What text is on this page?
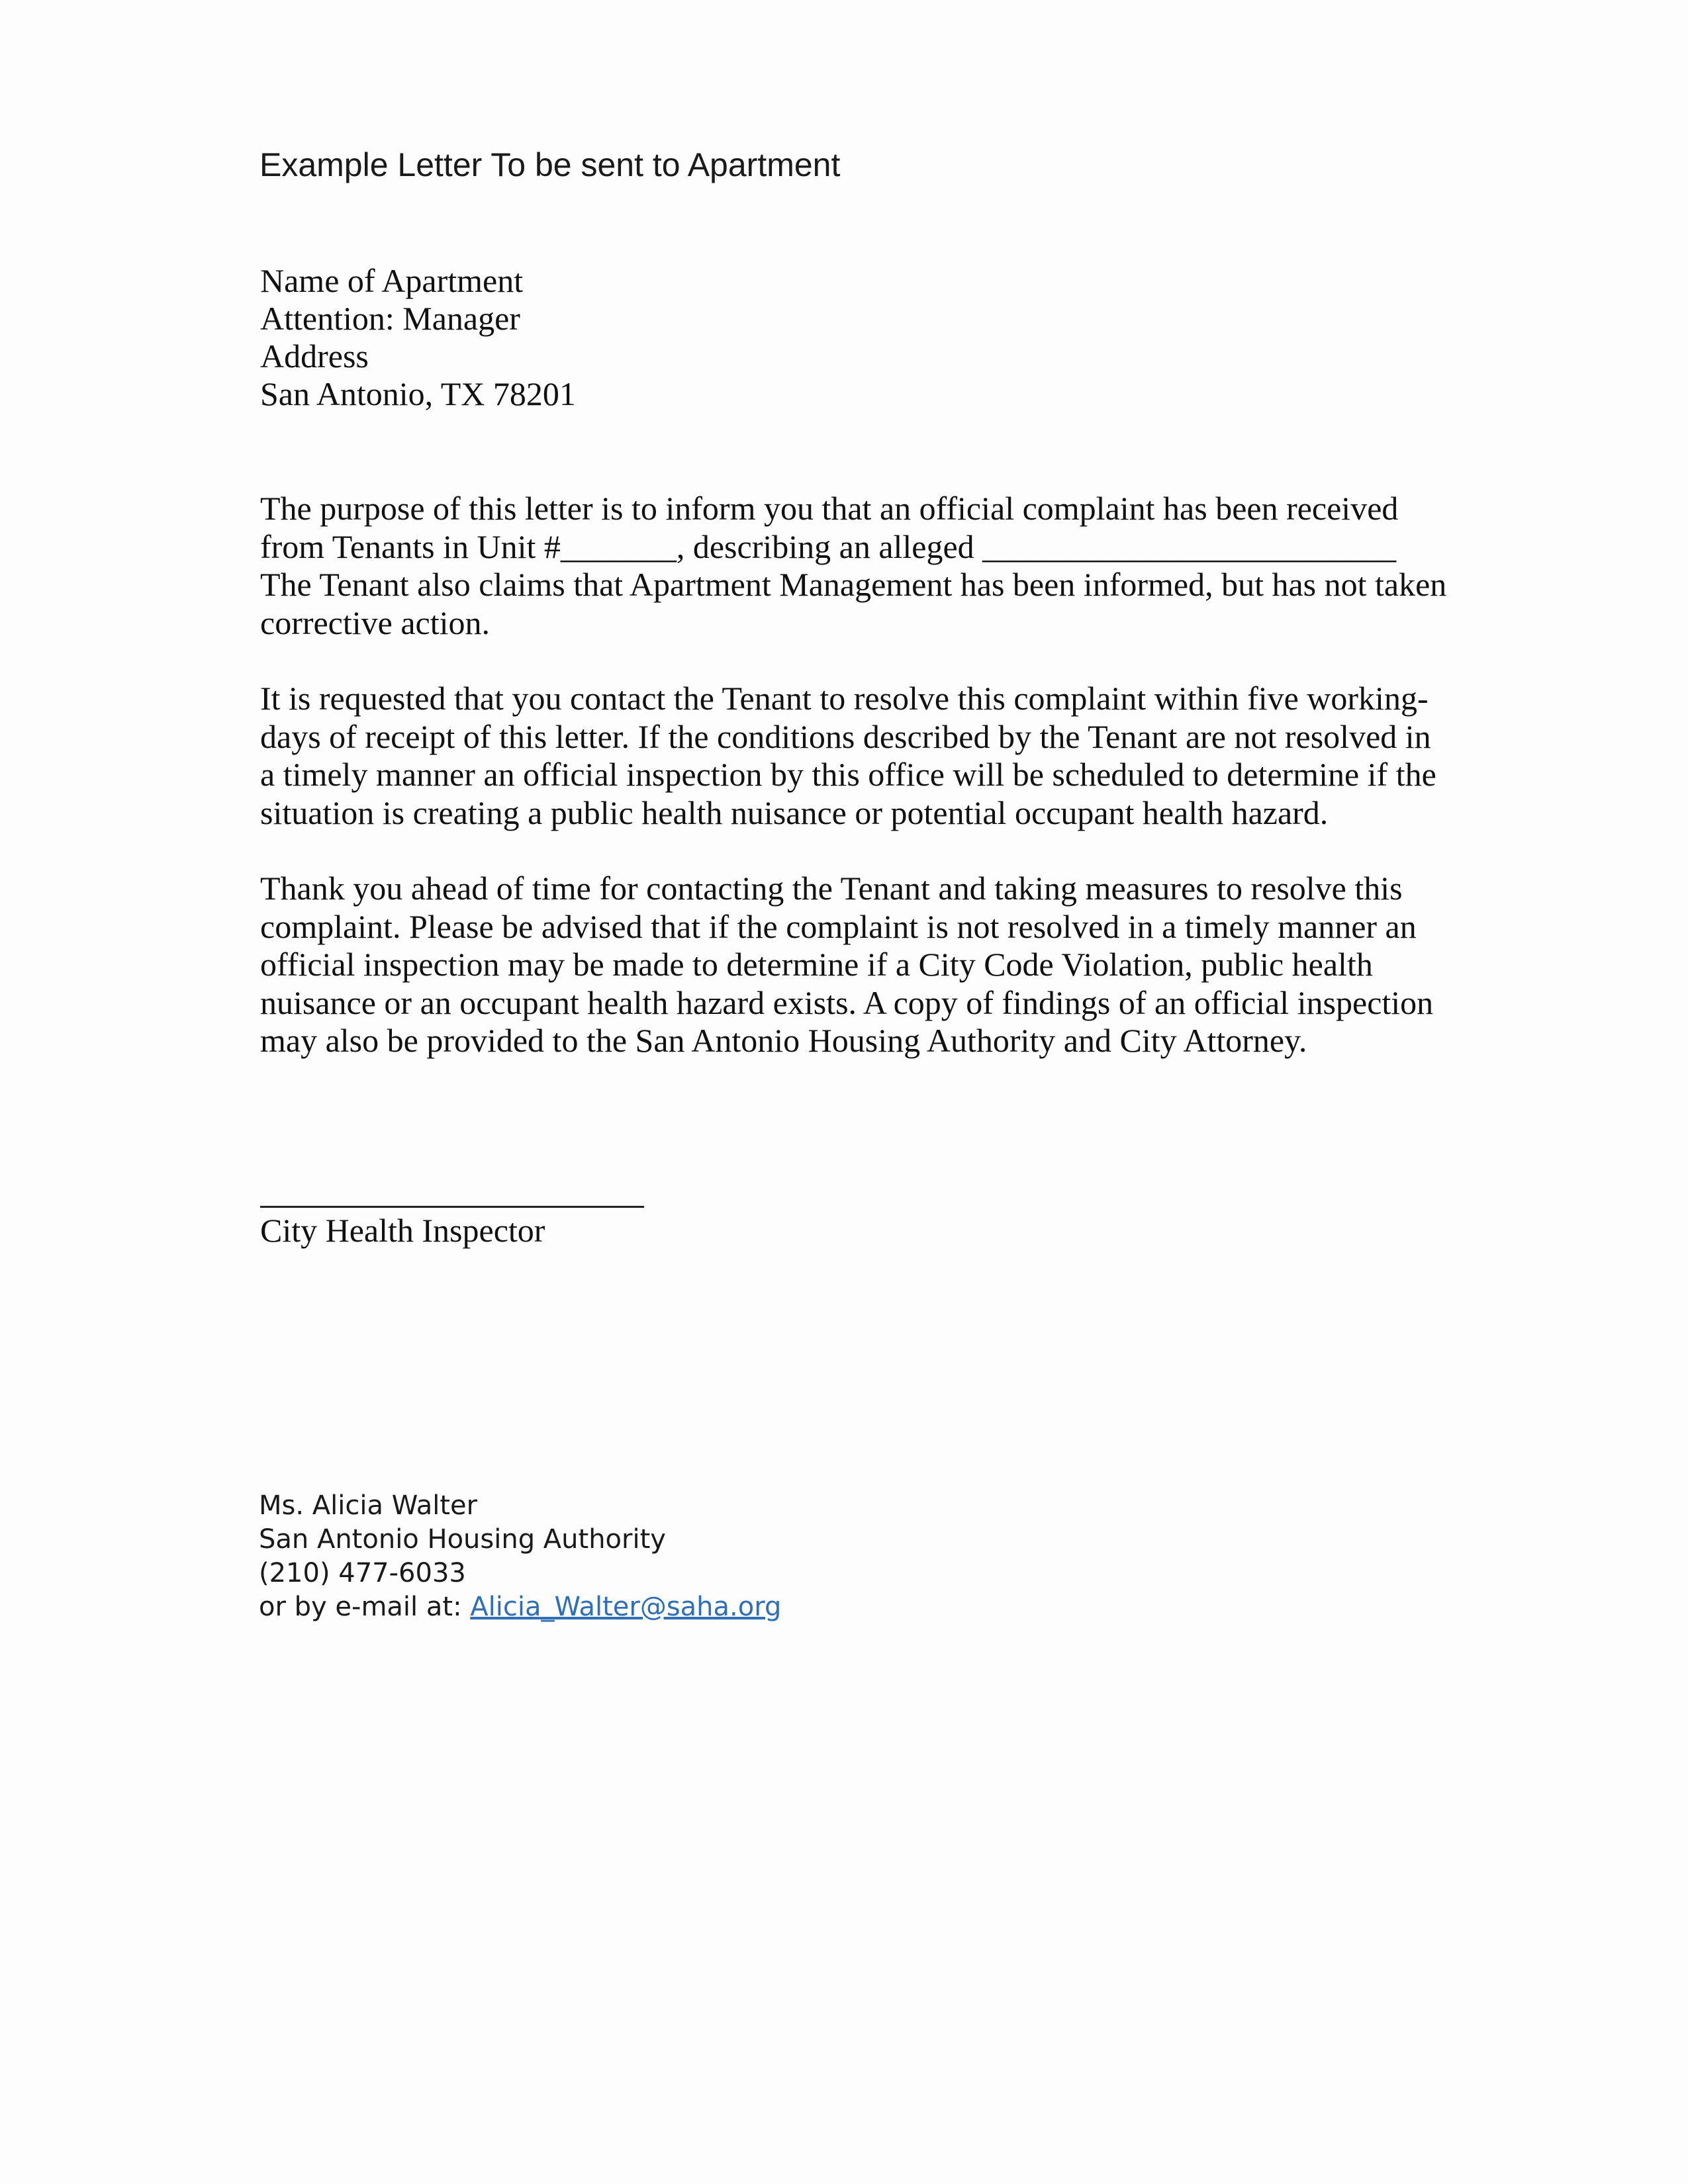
Example Letter To be sent to Apartment
Name of Apartment
Attention: Manager
Address
San Antonio, TX 78201
The purpose of this letter is to inform you that an official complaint has been received
from Tenants in Unit #_______, describing an alleged _________________________
The Tenant also claims that Apartment Management has been informed, but has not taken
corrective action.
It is requested that you contact the Tenant to resolve this complaint within five working-
days of receipt of this letter. If the conditions described by the Tenant are not resolved in
a timely manner an official inspection by this office will be scheduled to determine if the
situation is creating a public health nuisance or potential occupant health hazard.
Thank you ahead of time for contacting the Tenant and taking measures to resolve this
complaint. Please be advised that if the complaint is not resolved in a timely manner an
official inspection may be made to determine if a City Code Violation, public health
nuisance or an occupant health hazard exists. A copy of findings of an official inspection
may also be provided to the San Antonio Housing Authority and City Attorney.
City Health Inspector
Ms. Alicia Walter
San Antonio Housing Authority
(210) 477-6033
or by e-mail at: Alicia_Walter@saha.org
